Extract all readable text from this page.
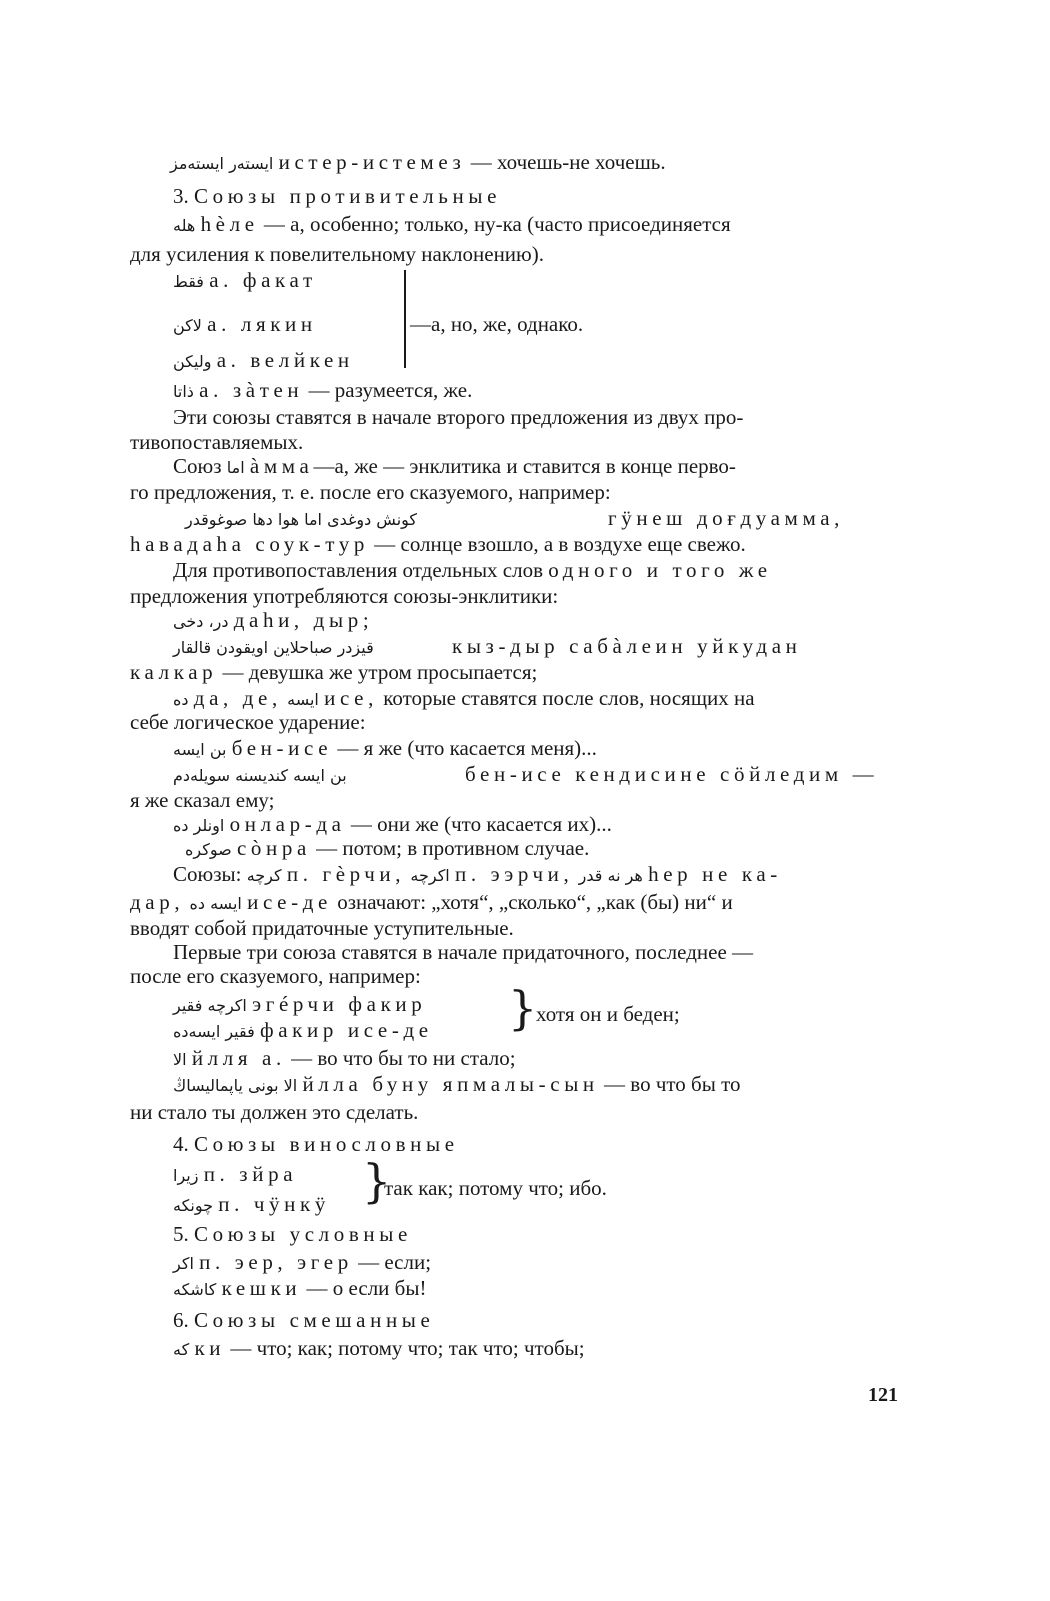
ایستەر ایستەمز истер-истемез — хочешь-не хочешь.
3. Союзы противительные
هله hèле — а, особенно; только, ну-ка (часто присоединяется
для усиления к повелительному наклонению).
فقط а. факат
لاکن а. лякин	—а, но, же, однако.
ولیکن а. велйкен
ذاتا а. зàтен — разумеется, же.
Эти союзы ставятся в начале второго предложения из двух про-
тивопоставляемых.
Союз اما àмма—а, же — энклитика и ставится в конце перво-
го предложения, т. е. после его сказуемого, например:
کونش دوغدی اما هوا دها صوغوقدر	гӱнеш доғдуамма,
hавадаhа соук-тур — солнце взошло, а в воздухе еще свежо.
Для противопоставления отдельных слов одного и того же
предложения употребляются союзы-энклитики:
در، دخی даhи, дыр;
قیزدر صباحلاین اویقودن قالقار	кыз-дыр сабàлеин уйкудан
калкар — девушка же утром просыпается;
ده да, де, ایسه исе, которые ставятся после слов, носящих на
себе логическое ударение:
بن ایسه бен-исе — я же (что касается меня)...
بن ایسه کندیسنه سویلەدم	бен-исе кендисине сӧйледим —
я же сказал ему;
اونلر ده онлар-да — они же (что касается их)...
صوکره сòнра — потом; в противном случае.
Союзы: کرچه п. гèрчи, اکرچه п. ээрчи, هر نه قدر hер не ка-
дар, ایسه ده исе-де означают: „хотя“, „сколько“, „как (бы) ни“ и
вводят собой придаточные уступительные.
Первые три союза ставятся в начале придаточного, последнее —
после его сказуемого, например:
اکرچه فقیر эгéрчи факир
فقیر ایسەده факир исе-де }
хотя он и беден;
الا йлля а. — во что бы то ни стало;
الا بونی یاپمالیساڭ йлла буну япмалы-сын — во что бы то
ни стало ты должен это сделать.
4. Союзы винословные
زیرا п. зйра
چونکه п. чӱнкӱ }
так как; потому что; ибо.
5. Союзы условные
اکر п. эер, эгер — если;
کاشکه кешки — о если бы!
6. Союзы смешанные
که ки — что; как; потому что; так что; чтобы;
121
